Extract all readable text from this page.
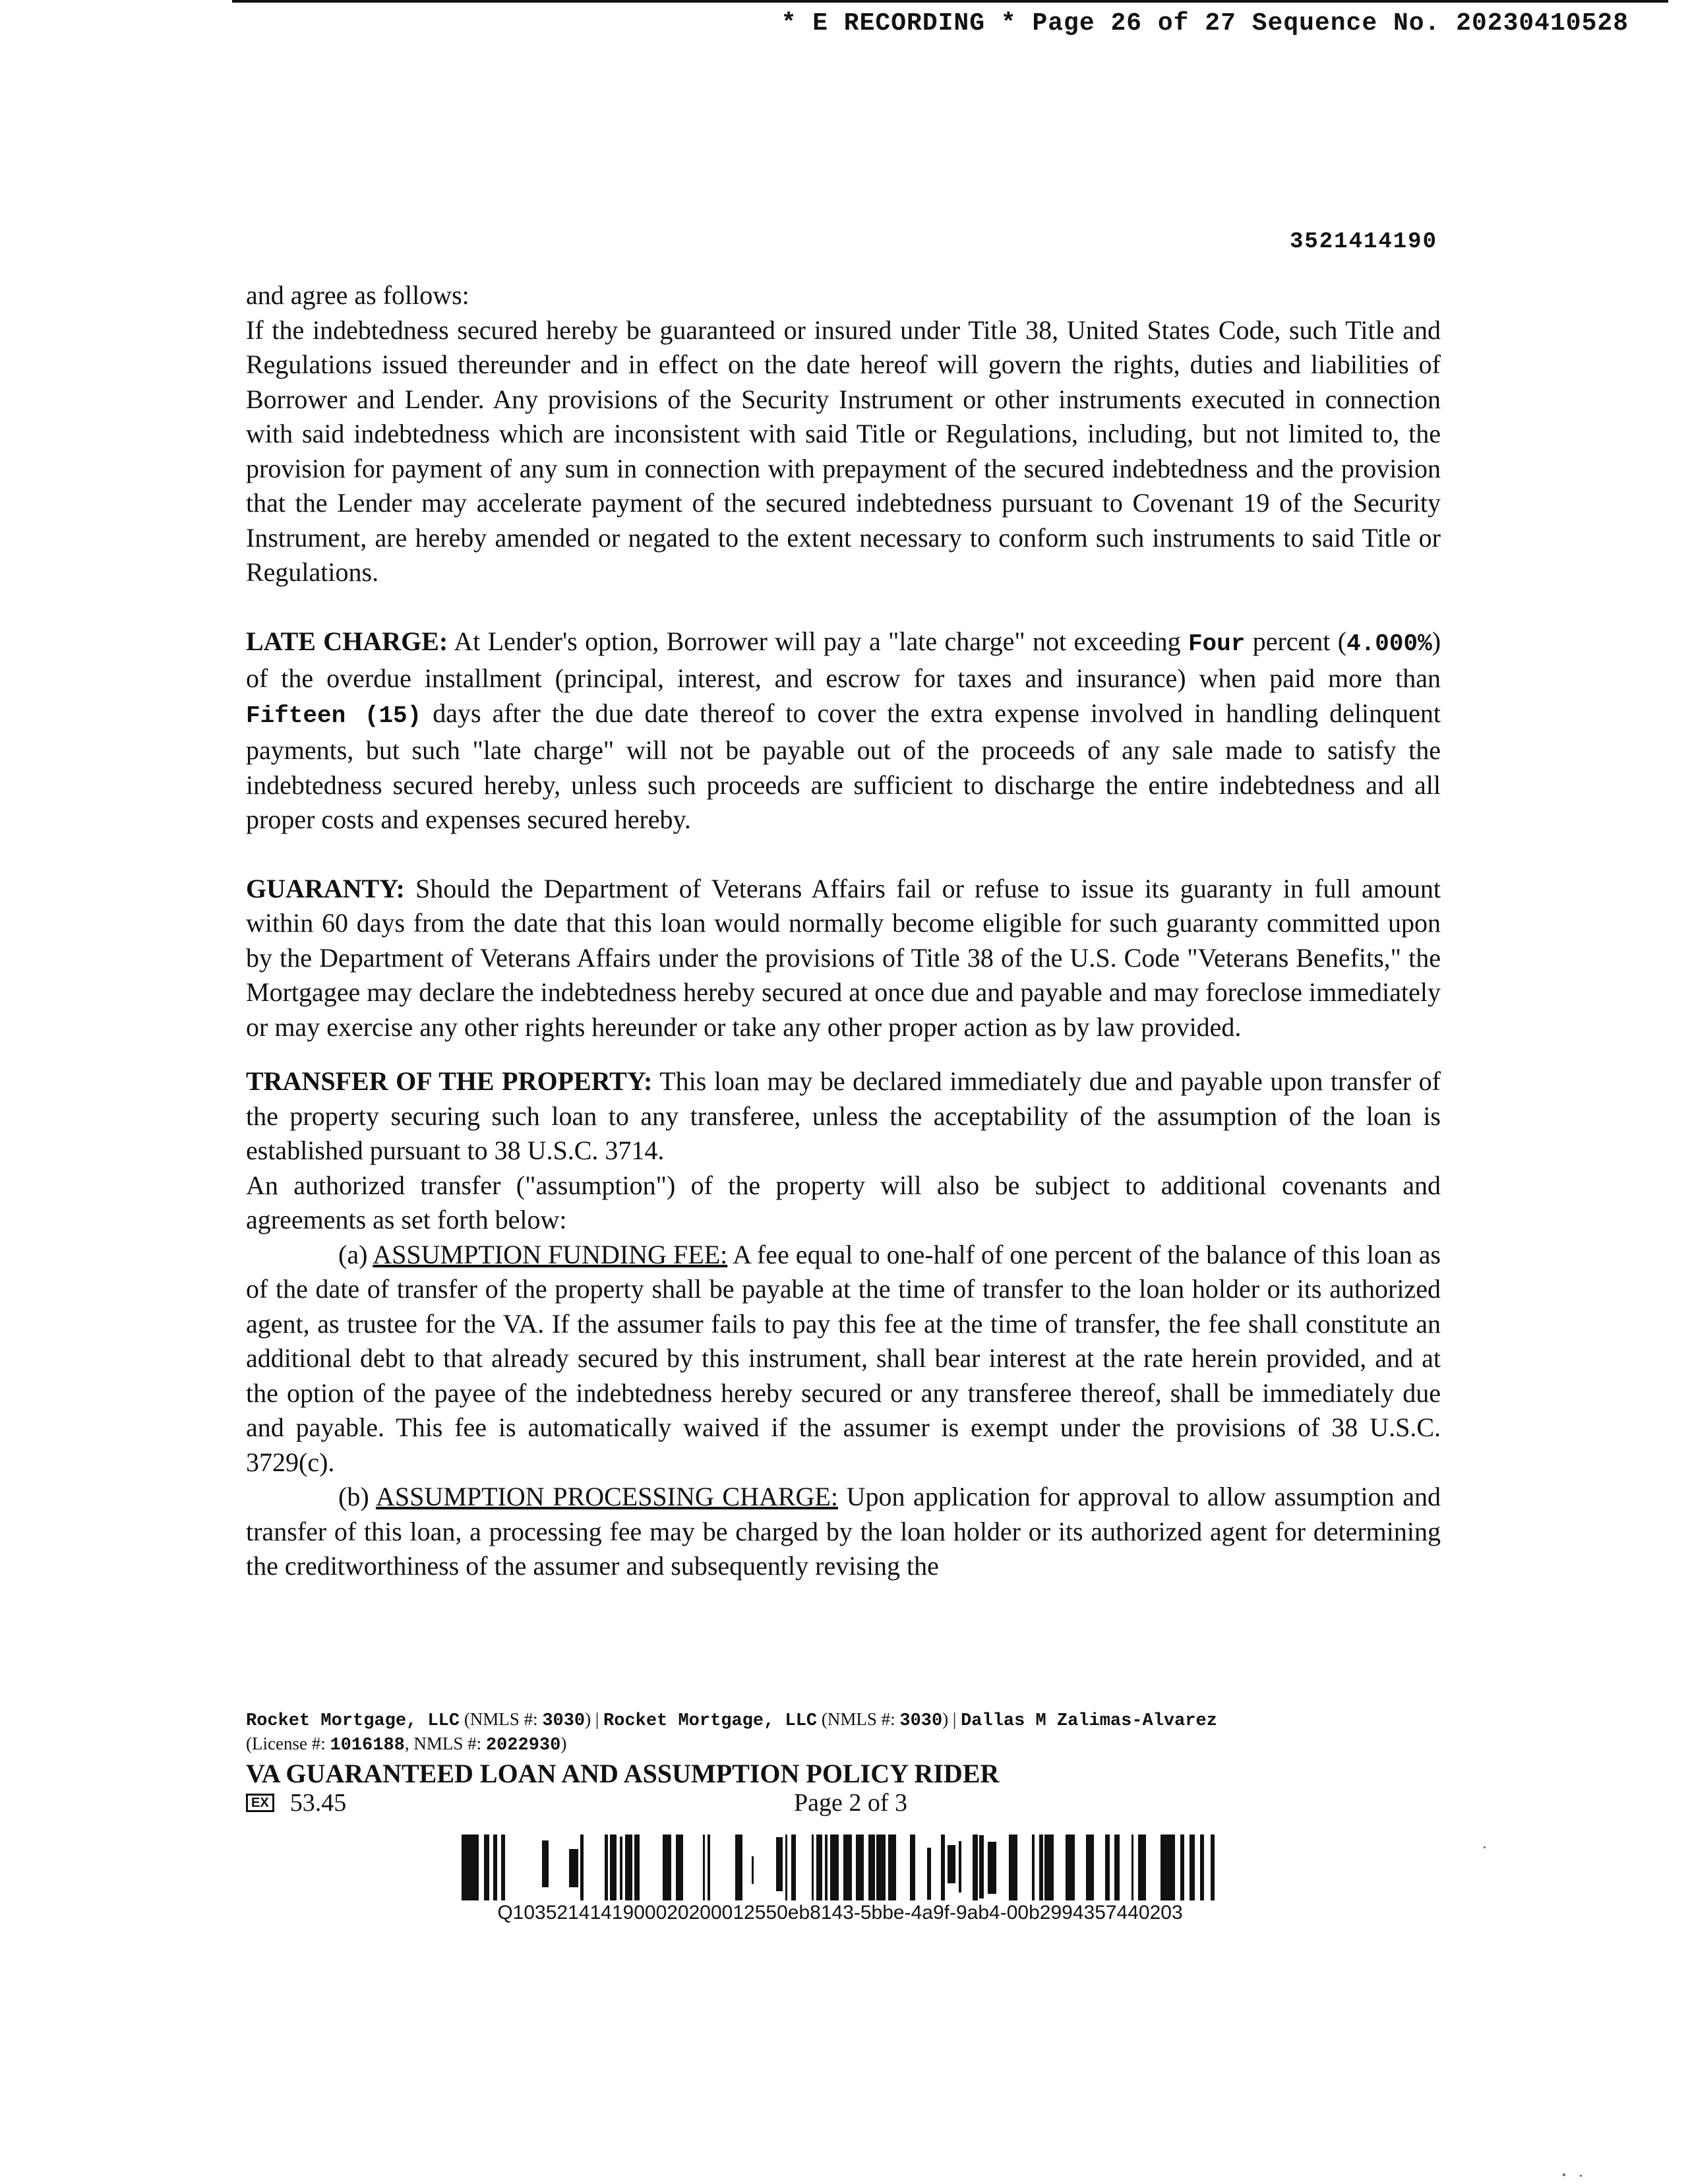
* E RECORDING * Page 26 of 27 Sequence No. 20230410528
3521414190

and agree as follows:

If the indebtedness secured hereby be guaranteed or insured under Title 38, United States Code, such Title and Regulations issued thereunder and in effect on the date hereof will govern the rights, duties and liabilities of Borrower and Lender. Any provisions of the Security Instrument or other instruments executed in connection with said indebtedness which are inconsistent with said Title or Regulations, including, but not limited to, the provision for payment of any sum in connection with prepayment of the secured indebtedness and the provision that the Lender may accelerate payment of the secured indebtedness pursuant to Covenant 19 of the Security Instrument, are hereby amended or negated to the extent necessary to conform such instruments to said Title or Regulations.

LATE CHARGE: At Lender's option, Borrower will pay a "late charge" not exceeding Four percent (4.000%) of the overdue installment (principal, interest, and escrow for taxes and insurance) when paid more than Fifteen (15) days after the due date thereof to cover the extra expense involved in handling delinquent payments, but such "late charge" will not be payable out of the proceeds of any sale made to satisfy the indebtedness secured hereby, unless such proceeds are sufficient to discharge the entire indebtedness and all proper costs and expenses secured hereby.

GUARANTY: Should the Department of Veterans Affairs fail or refuse to issue its guaranty in full amount within 60 days from the date that this loan would normally become eligible for such guaranty committed upon by the Department of Veterans Affairs under the provisions of Title 38 of the U.S. Code "Veterans Benefits," the Mortgagee may declare the indebtedness hereby secured at once due and payable and may foreclose immediately or may exercise any other rights hereunder or take any other proper action as by law provided.

TRANSFER OF THE PROPERTY: This loan may be declared immediately due and payable upon transfer of the property securing such loan to any transferee, unless the acceptability of the assumption of the loan is established pursuant to 38 U.S.C. 3714.

An authorized transfer ("assumption") of the property will also be subject to additional covenants and agreements as set forth below:

(a) ASSUMPTION FUNDING FEE: A fee equal to one-half of one percent of the balance of this loan as of the date of transfer of the property shall be payable at the time of transfer to the loan holder or its authorized agent, as trustee for the VA. If the assumer fails to pay this fee at the time of transfer, the fee shall constitute an additional debt to that already secured by this instrument, shall bear interest at the rate herein provided, and at the option of the payee of the indebtedness hereby secured or any transferee thereof, shall be immediately due and payable. This fee is automatically waived if the assumer is exempt under the provisions of 38 U.S.C. 3729(c).

(b) ASSUMPTION PROCESSING CHARGE: Upon application for approval to allow assumption and transfer of this loan, a processing fee may be charged by the loan holder or its authorized agent for determining the creditworthiness of the assumer and subsequently revising the

Rocket Mortgage, LLC (NMLS #: 3030) | Rocket Mortgage, LLC (NMLS #: 3030) | Dallas M Zalimas-Alvarez
(License #: 1016188, NMLS #: 2022930)
VA GUARANTEED LOAN AND ASSUMPTION POLICY RIDER
EX 53.45	Page 2 of 3
Q1035214141900020200012550eb8143-5bbe-4a9f-9ab4-00b2994357440203
